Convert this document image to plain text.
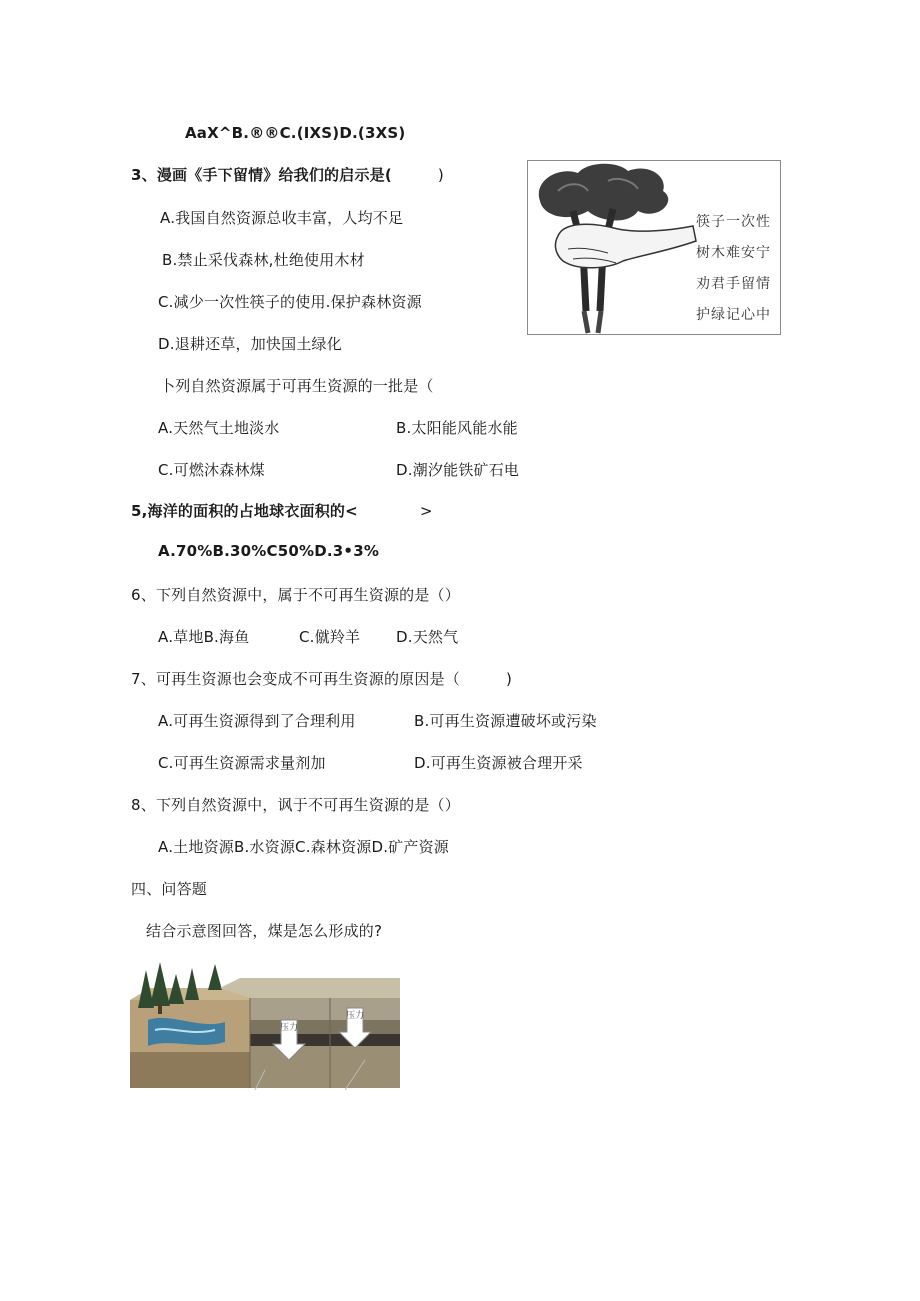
AaX^B.®®C.(IXS)D.(3XS)
3、漫画《手下留情》给我们的启示是(	)
A.我国自然资源总收丰富，人均不足
B.禁止采伐森林,杜绝使用木材
C.减少一次性筷子的使用.保护森林资源
D.退耕还草，加快国土绿化
筷子一次性
树木难安宁
劝君手留情
护绿记心中
卜列自然资源属于可再生资源的一批是（
A.天然气土地淡水	B.太阳能风能水能
C.可燃沐森林煤	D.潮汐能铁矿石电
5,海洋的面积的占地球衣面积的<	>
A.70%B.30%C50%D.3•3%
6、下列自然资源中，属于不可再生资源的是（）
A.草地B.海鱼	C.僦羚羊 D.天然气
7、可再生资源也会变成不可再生资源的原因是（	)
A.可再生资源得到了合理利用	B.可再生资源遭破坏或污染
C.可再生资源需求量剂加	D.可再生资源被合理开采
8、下列自然资源中，讽于不可再生资源的是（）
A.土地资源B.水资源C.森林资源D.矿产资源
四、问答题
结合示意图回答，煤是怎么形成的?
压力
压力
